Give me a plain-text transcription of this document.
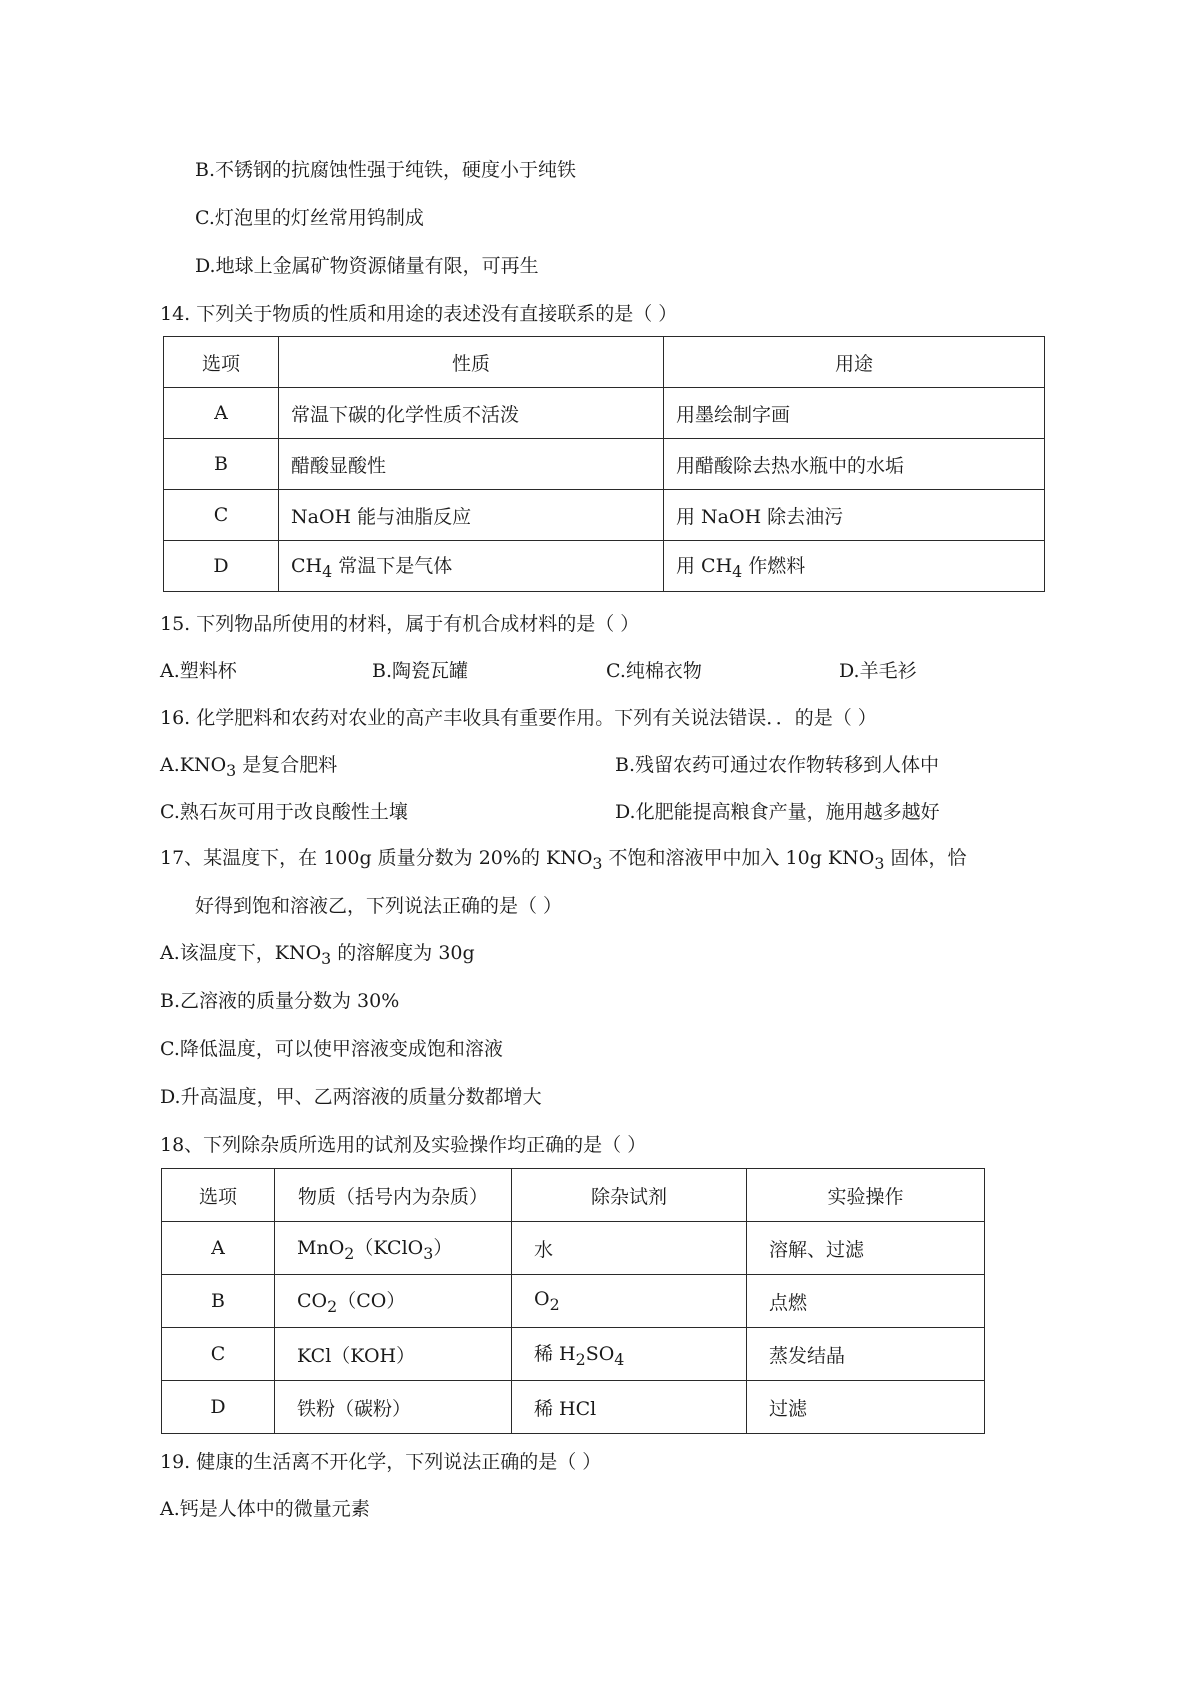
B.不锈钢的抗腐蚀性强于纯铁，硬度小于纯铁
C.灯泡里的灯丝常用钨制成
D.地球上金属矿物资源储量有限，可再生
14. 下列关于物质的性质和用途的表述没有直接联系的是（ ）
选项	性质	用途
A	常温下碳的化学性质不活泼	用墨绘制字画
B	醋酸显酸性	用醋酸除去热水瓶中的水垢
C	NaOH 能与油脂反应	用 NaOH 除去油污
D	$CH_4$ 常温下是气体	用 $CH_4$ 作燃料
15. 下列物品所使用的材料，属于有机合成材料的是（ ）
A.塑料杯	B.陶瓷瓦罐	C.纯棉衣物	D.羊毛衫
16. 化学肥料和农药对农业的高产丰收具有重要作用。下列有关说法错误．．的是（ ）
$A.KNO_3$ 是复合肥料	B.残留农药可通过农作物转移到人体中
C.熟石灰可用于改良酸性土壤	D.化肥能提高粮食产量，施用越多越好
17、某温度下，在 100g 质量分数为 20%的 $KNO_3$ 不饱和溶液甲中加入 10g $KNO_3$ 固体，恰
好得到饱和溶液乙，下列说法正确的是（ ）
A.该温度下，$KNO_3$ 的溶解度为 30g
B.乙溶液的质量分数为 30%
C.降低温度，可以使甲溶液变成饱和溶液
D.升高温度，甲、乙两溶液的质量分数都增大
18、下列除杂质所选用的试剂及实验操作均正确的是（ ）
选项	物质（括号内为杂质）	除杂试剂	实验操作
A	MnO$_2$（KClO$_3$）	水	溶解、过滤
B	$CO_2(CO)$	$O_2$	点燃
C	KCl（KOH）	稀 $H_2SO_4$	蒸发结晶
D	铁粉（碳粉）	稀 HCl	过滤
19. 健康的生活离不开化学，下列说法正确的是（ ）
A.钙是人体中的微量元素
